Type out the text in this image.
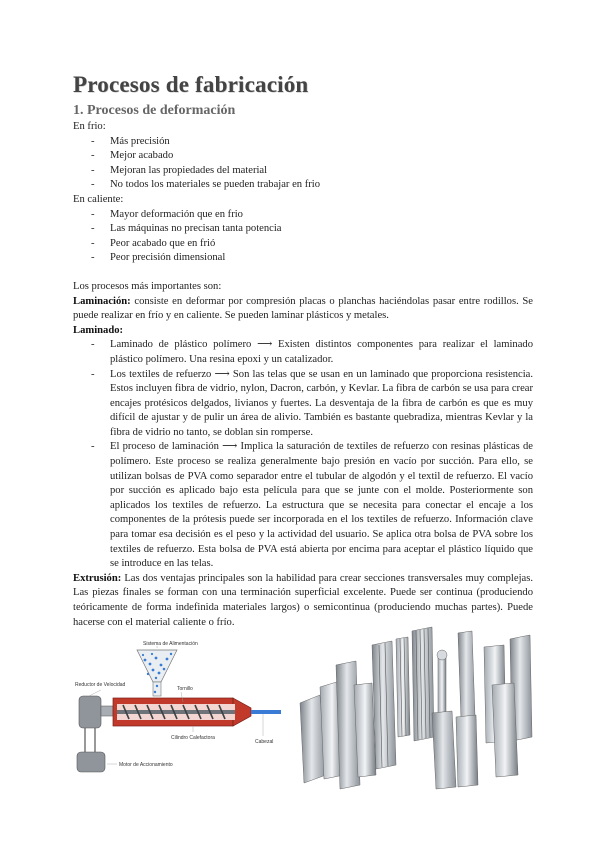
Procesos de fabricación
1. Procesos de deformación

En frio:

- Más precisión
- Mejor acabado
- Mejoran las propiedades del material
- No todos los materiales se pueden trabajar en frio

En caliente:

- Mayor deformación que en frio
- Las máquinas no precisan tanta potencia
- Peor acabado que en frió
- Peor precisión dimensional

Los procesos más importantes son:

Laminación: consiste en deformar por compresión placas o planchas haciéndolas pasar entre rodillos. Se puede realizar en frío y en caliente. Se pueden laminar plásticos y metales.

Laminado:

- Laminado de plástico polímero ⟶ Existen distintos componentes para realizar el laminado plástico polímero. Una resina epoxi y un catalizador.
- Los textiles de refuerzo ⟶ Son las telas que se usan en un laminado que proporciona resistencia. Estos incluyen fibra de vidrio, nylon, Dacron, carbón, y Kevlar. La fibra de carbón se usa para crear encajes protésicos delgados, livianos y fuertes. La desventaja de la fibra de carbón es que es muy difícil de ajustar y de pulir un área de alivio. También es bastante quebradiza, mientras Kevlar y la fibra de vidrio no tanto, se doblan sin romperse.
- El proceso de laminación ⟶ Implica la saturación de textiles de refuerzo con resinas plásticas de polímero. Este proceso se realiza generalmente bajo presión en vacío por succión. Para ello, se utilizan bolsas de PVA como separador entre el tubular de algodón y el textil de refuerzo. El vacío por succión es aplicado bajo esta película para que se junte con el molde. Posteriormente son aplicados los textiles de refuerzo. La estructura que se necesita para conectar el encaje a los componentes de la prótesis puede ser incorporada en el los textiles de refuerzo. Información clave para tomar esa decisión es el peso y la actividad del usuario. Se aplica otra bolsa de PVA sobre los textiles de refuerzo. Esta bolsa de PVA está abierta por encima para aceptar el plástico líquido que se introduce en las telas.

Extrusión: Las dos ventajas principales son la habilidad para crear secciones transversales muy complejas. Las piezas finales se forman con una terminación superficial excelente. Puede ser continua (produciendo teóricamente de forma indefinida materiales largos) o semicontinua (produciendo muchas partes). Puede hacerse con el material caliente o frío.

Sistema de Alimentación
Reductor de Velocidad
Tornillo
Cilindro Calefactora
Cabezal
Motor de Accionamiento
